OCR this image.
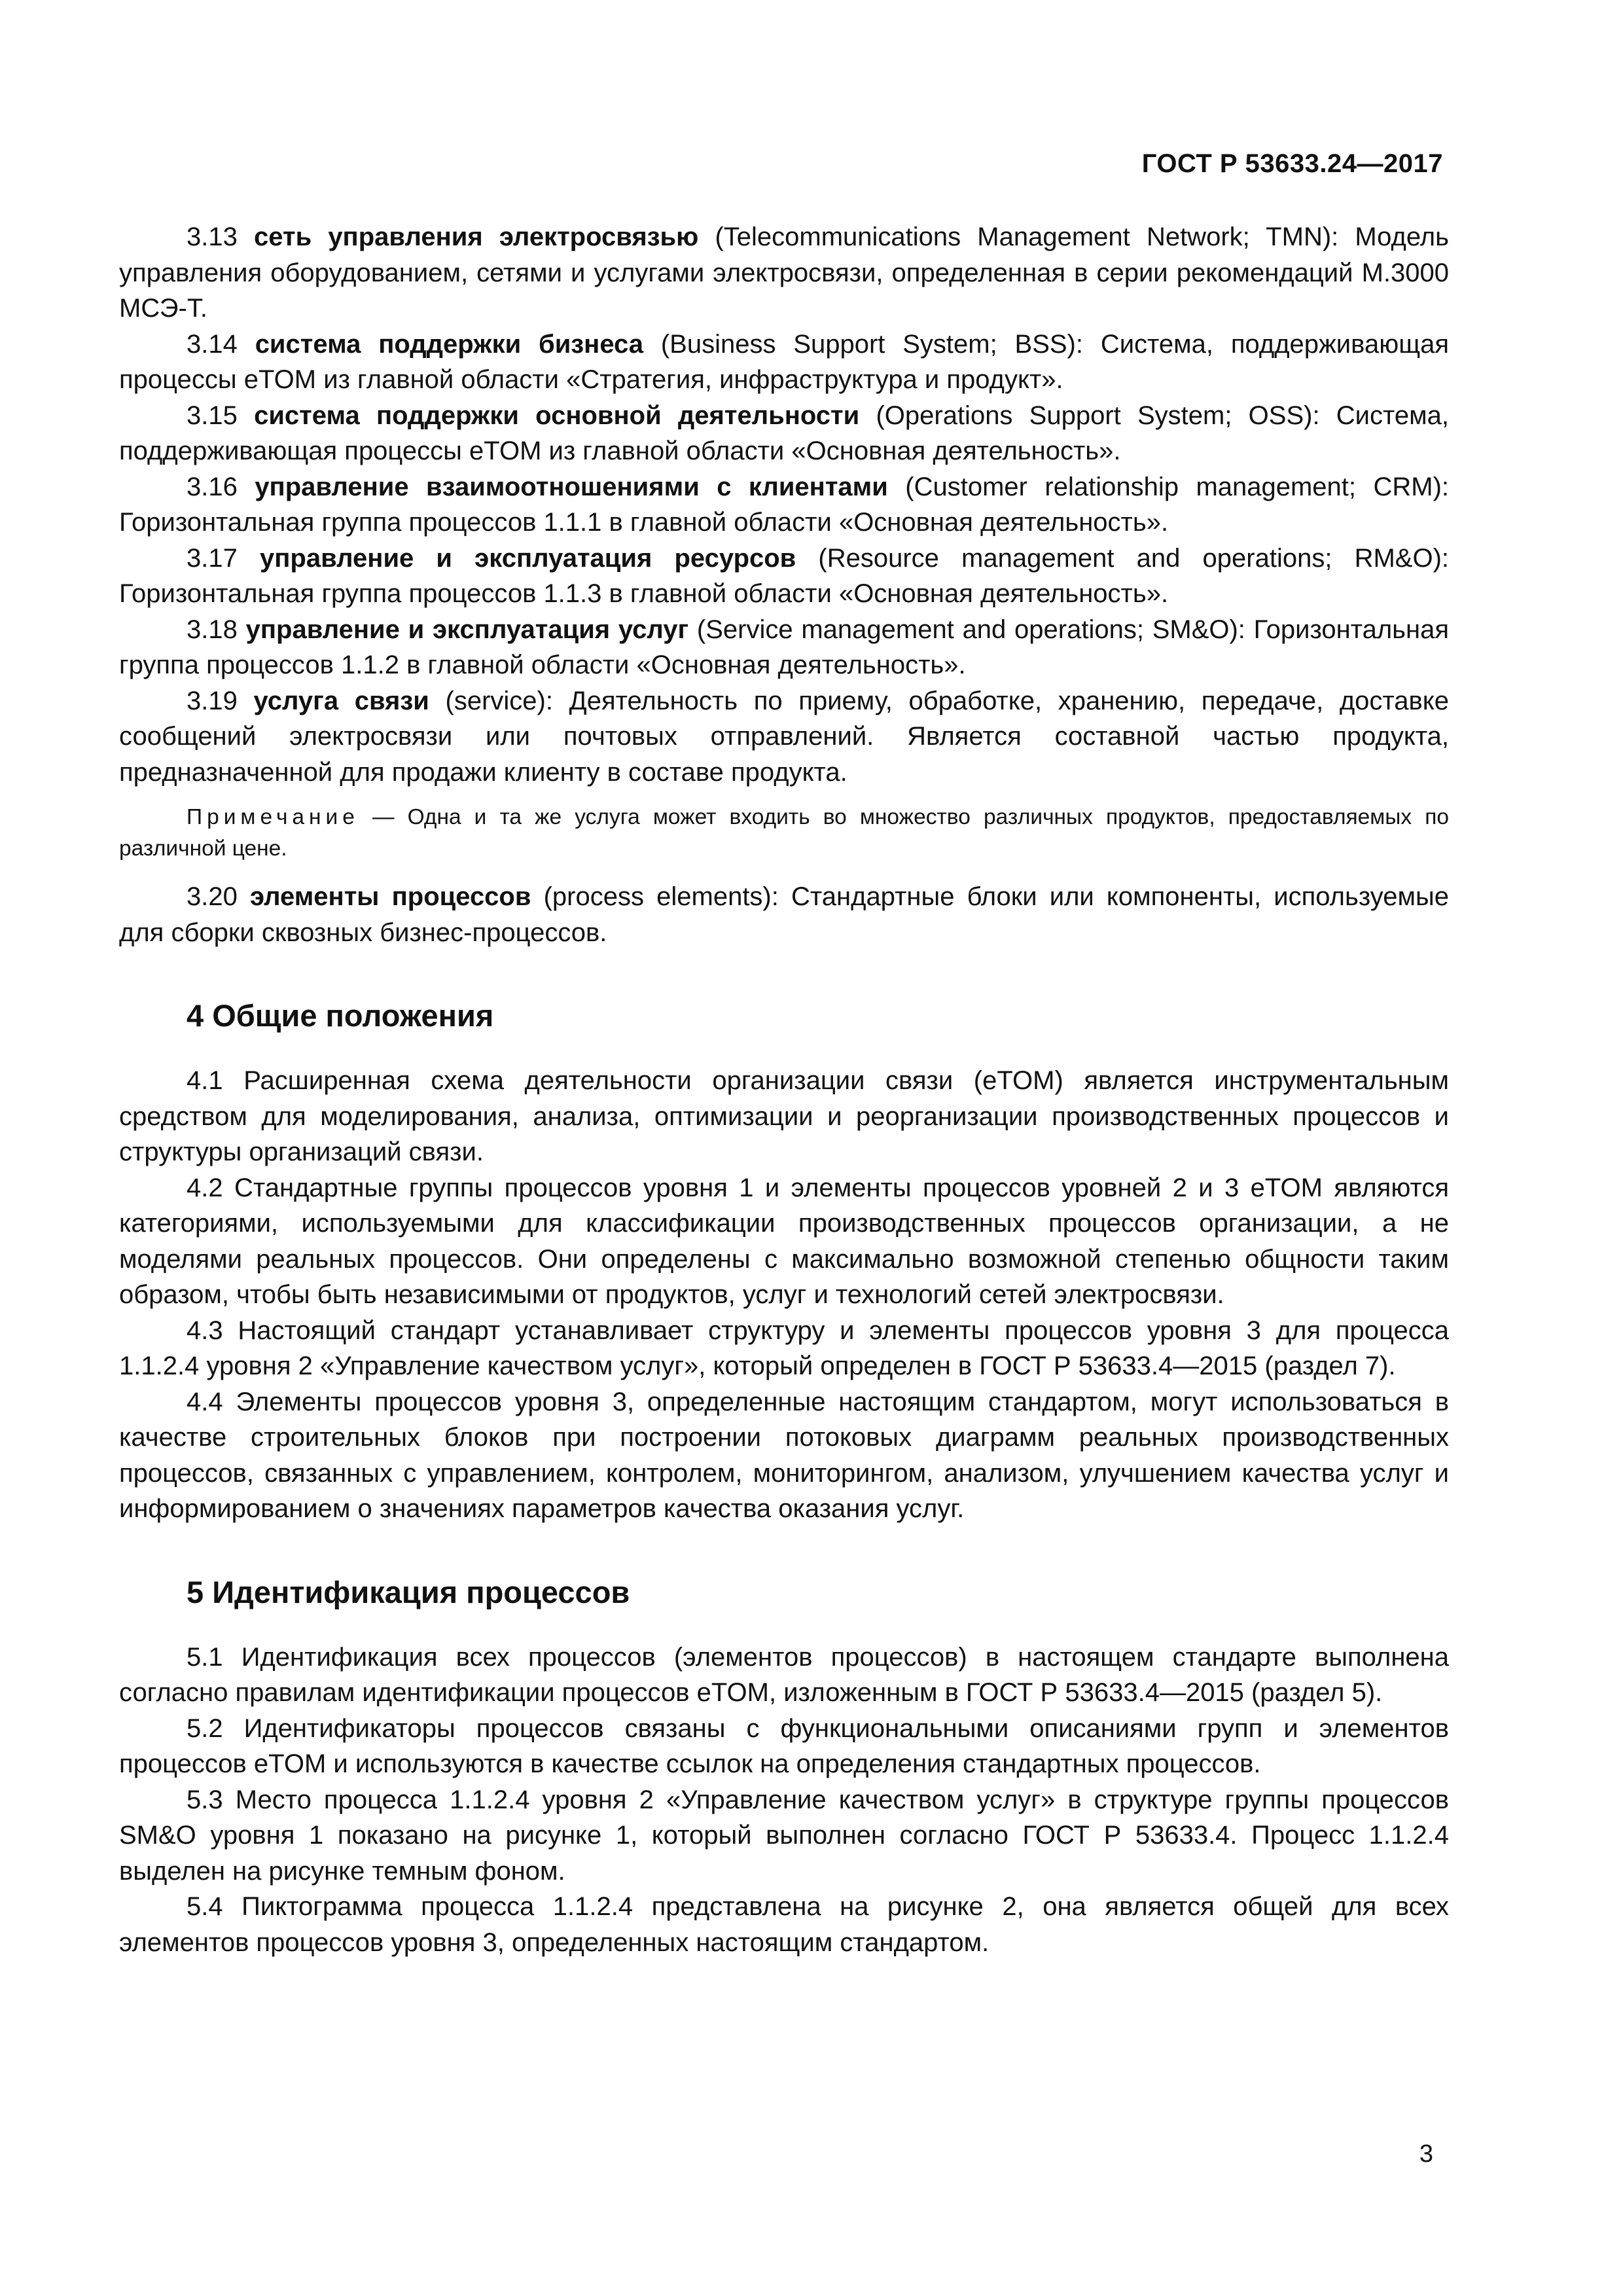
ГОСТ Р 53633.24—2017

3.13 сеть управления электросвязью (Telecommunications Management Network; TMN): Модель управления оборудованием, сетями и услугами электросвязи, определенная в серии рекомендаций М.3000 МСЭ-Т.

3.14 система поддержки бизнеса (Business Support System; BSS): Система, поддерживающая процессы eTOM из главной области «Стратегия, инфраструктура и продукт».

3.15 система поддержки основной деятельности (Operations Support System; OSS): Система, поддерживающая процессы eTOM из главной области «Основная деятельность».

3.16 управление взаимоотношениями с клиентами (Customer relationship management; CRM): Горизонтальная группа процессов 1.1.1 в главной области «Основная деятельность».

3.17 управление и эксплуатация ресурсов (Resource management and operations; RM&O): Горизонтальная группа процессов 1.1.3 в главной области «Основная деятельность».

3.18 управление и эксплуатация услуг (Service management and operations; SM&O): Горизонтальная группа процессов 1.1.2 в главной области «Основная деятельность».

3.19 услуга связи (service): Деятельность по приему, обработке, хранению, передаче, доставке сообщений электросвязи или почтовых отправлений. Является составной частью продукта, предназначенной для продажи клиенту в составе продукта.

Примечание — Одна и та же услуга может входить во множество различных продуктов, предоставляемых по различной цене.

3.20 элементы процессов (process elements): Стандартные блоки или компоненты, используемые для сборки сквозных бизнес-процессов.

4 Общие положения

4.1 Расширенная схема деятельности организации связи (eTOM) является инструментальным средством для моделирования, анализа, оптимизации и реорганизации производственных процессов и структуры организаций связи.

4.2 Стандартные группы процессов уровня 1 и элементы процессов уровней 2 и 3 eTOM являются категориями, используемыми для классификации производственных процессов организации, а не моделями реальных процессов. Они определены с максимально возможной степенью общности таким образом, чтобы быть независимыми от продуктов, услуг и технологий сетей электросвязи.

4.3 Настоящий стандарт устанавливает структуру и элементы процессов уровня 3 для процесса 1.1.2.4 уровня 2 «Управление качеством услуг», который определен в ГОСТ Р 53633.4—2015 (раздел 7).

4.4 Элементы процессов уровня 3, определенные настоящим стандартом, могут использоваться в качестве строительных блоков при построении потоковых диаграмм реальных производственных процессов, связанных с управлением, контролем, мониторингом, анализом, улучшением качества услуг и информированием о значениях параметров качества оказания услуг.

5 Идентификация процессов

5.1 Идентификация всех процессов (элементов процессов) в настоящем стандарте выполнена согласно правилам идентификации процессов eTOM, изложенным в ГОСТ Р 53633.4—2015 (раздел 5).

5.2 Идентификаторы процессов связаны с функциональными описаниями групп и элементов процессов eTOM и используются в качестве ссылок на определения стандартных процессов.

5.3 Место процесса 1.1.2.4 уровня 2 «Управление качеством услуг» в структуре группы процессов SM&O уровня 1 показано на рисунке 1, который выполнен согласно ГОСТ Р 53633.4. Процесс 1.1.2.4 выделен на рисунке темным фоном.

5.4 Пиктограмма процесса 1.1.2.4 представлена на рисунке 2, она является общей для всех элементов процессов уровня 3, определенных настоящим стандартом.

3
